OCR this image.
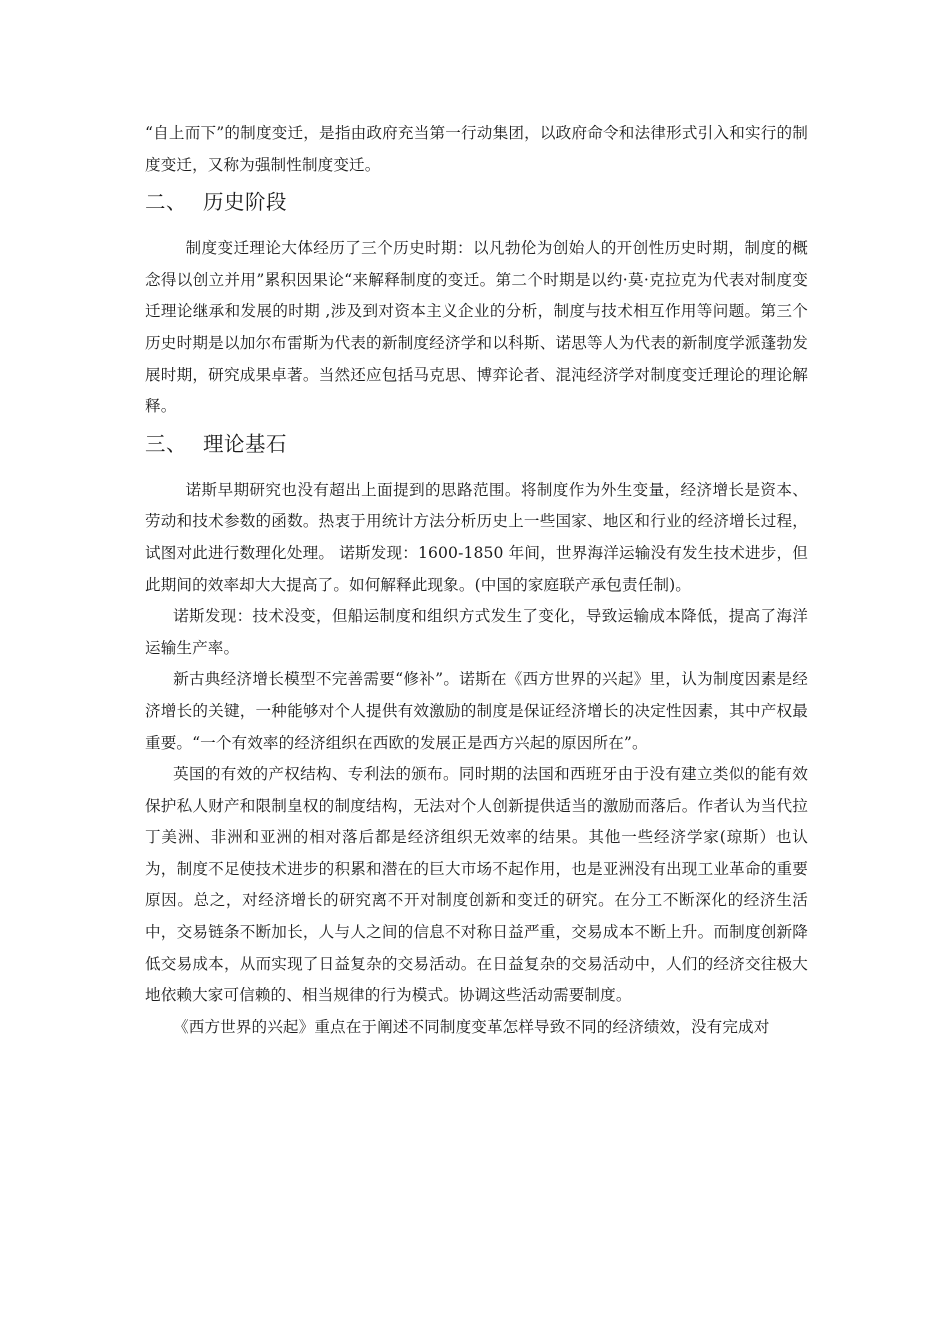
“自上而下”的制度变迁，是指由政府充当第一行动集团，以政府命令和法律形式引入和实行的制度变迁，又称为强制性制度变迁。

二、 历史阶段

制度变迁理论大体经历了三个历史时期：以凡勃伦为创始人的开创性历史时期，制度的概念得以创立并用”累积因果论“来解释制度的变迁。第二个时期是以约·莫·克拉克为代表对制度变迁理论继承和发展的时期 ,涉及到对资本主义企业的分析，制度与技术相互作用等问题。第三个历史时期是以加尔布雷斯为代表的新制度经济学和以科斯、诺思等人为代表的新制度学派蓬勃发展时期，研究成果卓著。当然还应包括马克思、博弈论者、混沌经济学对制度变迁理论的理论解释。

三、 理论基石

诺斯早期研究也没有超出上面提到的思路范围。将制度作为外生变量，经济增长是资本、劳动和技术参数的函数。热衷于用统计方法分析历史上一些国家、地区和行业的经济增长过程，试图对此进行数理化处理。 诺斯发现：1600-1850 年间，世界海洋运输没有发生技术进步，但此期间的效率却大大提高了。如何解释此现象。(中国的家庭联产承包责任制)。

诺斯发现：技术没变，但船运制度和组织方式发生了变化，导致运输成本降低，提高了海洋运输生产率。

新古典经济增长模型不完善需要“修补”。诺斯在《西方世界的兴起》里，认为制度因素是经济增长的关键，一种能够对个人提供有效激励的制度是保证经济增长的决定性因素，其中产权最重要。“一个有效率的经济组织在西欧的发展正是西方兴起的原因所在”。

英国的有效的产权结构、专利法的颁布。同时期的法国和西班牙由于没有建立类似的能有效保护私人财产和限制皇权的制度结构，无法对个人创新提供适当的激励而落后。作者认为当代拉丁美洲、非洲和亚洲的相对落后都是经济组织无效率的结果。其他一些经济学家(琼斯）也认为，制度不足使技术进步的积累和潜在的巨大市场不起作用，也是亚洲没有出现工业革命的重要原因。总之，对经济增长的研究离不开对制度创新和变迁的研究。在分工不断深化的经济生活中，交易链条不断加长，人与人之间的信息不对称日益严重，交易成本不断上升。而制度创新降低交易成本，从而实现了日益复杂的交易活动。在日益复杂的交易活动中，人们的经济交往极大地依赖大家可信赖的、相当规律的行为模式。协调这些活动需要制度。

《西方世界的兴起》重点在于阐述不同制度变革怎样导致不同的经济绩效，没有完成对
